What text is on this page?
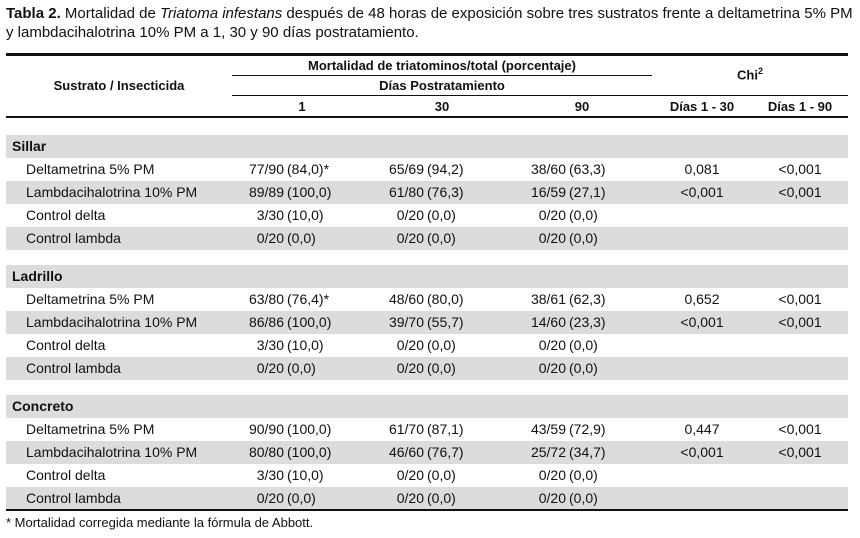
Tabla 2. Mortalidad de Triatoma infestans después de 48 horas de exposición sobre tres sustratos frente a deltametrina 5% PM y lambdacihalotrina 10% PM a 1, 30 y 90 días postratamiento.
Sustrato / Insecticida
Mortalidad de triatominos/total (porcentaje)
Chi$^2$
Días Postratamiento
1	30	90	Días 1 - 30	Días 1 - 90
Sillar
Deltametrina 5% PM	77/90 (84,0)*	65/69 (94,2)	38/60 (63,3)	0,081	<0,001
Lambdacihalotrina 10% PM	89/89 (100,0)	61/80 (76,3)	16/59 (27,1)	<0,001	<0,001
Control delta	3/30 (10,0)	0/20 (0,0)	0/20 (0,0)
Control lambda	0/20 (0,0)	0/20 (0,0)	0/20 (0,0)
Ladrillo
Deltametrina 5% PM	63/80 (76,4)*	48/60 (80,0)	38/61 (62,3)	0,652	<0,001
Lambdacihalotrina 10% PM	86/86 (100,0)	39/70 (55,7)	14/60 (23,3)	<0,001	<0,001
Control delta	3/30 (10,0)	0/20 (0,0)	0/20 (0,0)
Control lambda	0/20 (0,0)	0/20 (0,0)	0/20 (0,0)
Concreto
Deltametrina 5% PM	90/90 (100,0)	61/70 (87,1)	43/59 (72,9)	0,447	<0,001
Lambdacihalotrina 10% PM	80/80 (100,0)	46/60 (76,7)	25/72 (34,7)	<0,001	<0,001
Control delta	3/30 (10,0)	0/20 (0,0)	0/20 (0,0)
Control lambda	0/20 (0,0)	0/20 (0,0)	0/20 (0,0)
* Mortalidad corregida mediante la fórmula de Abbott.
